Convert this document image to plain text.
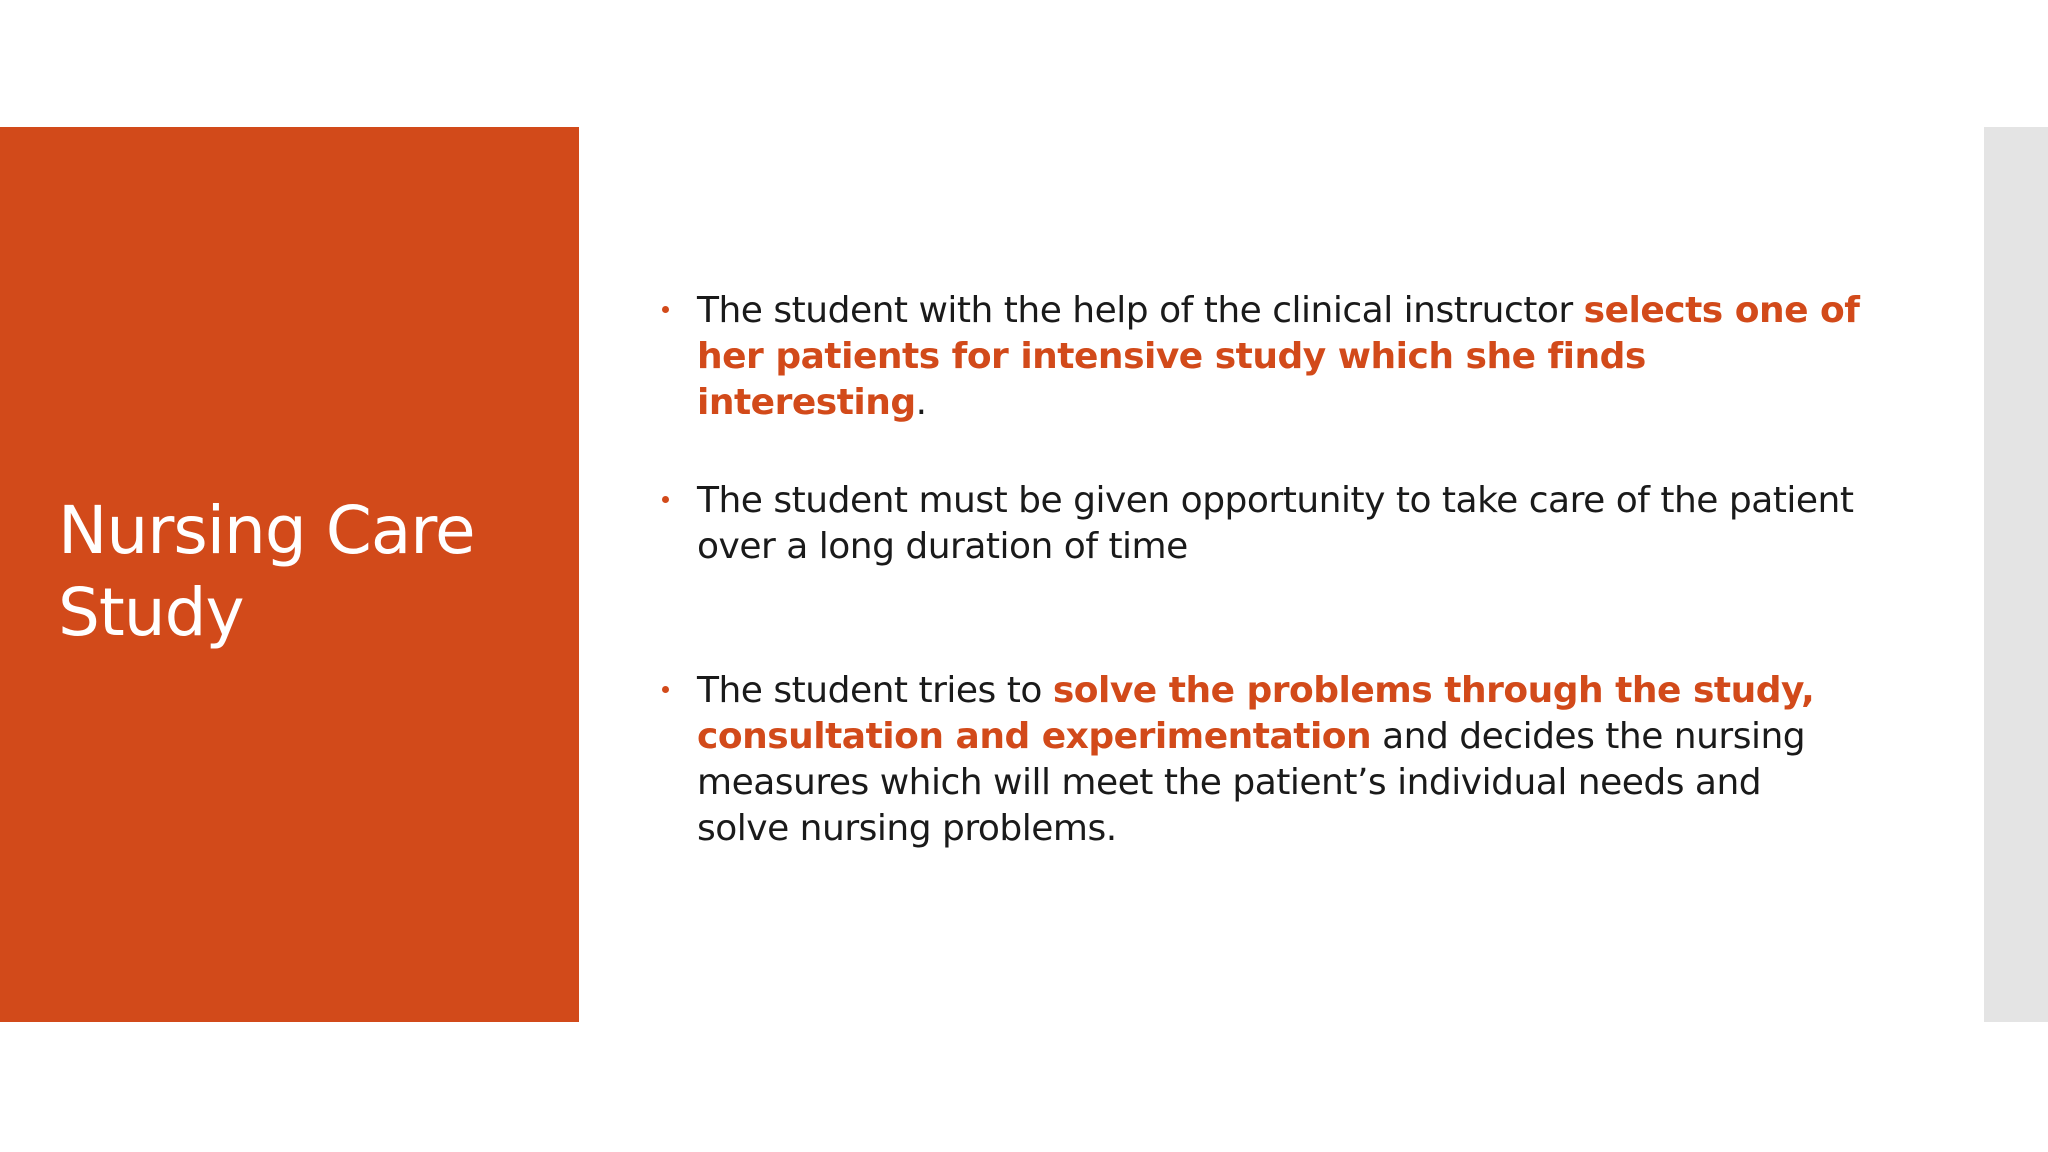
Nursing Care
Study
The student with the help of the clinical instructor selects one of her patients for intensive study which she finds interesting.
The student must be given opportunity to take care of the patient over a long duration of time
The student tries to solve the problems through the study, consultation and experimentation and decides the nursing measures which will meet the patient’s individual needs and solve nursing problems.
